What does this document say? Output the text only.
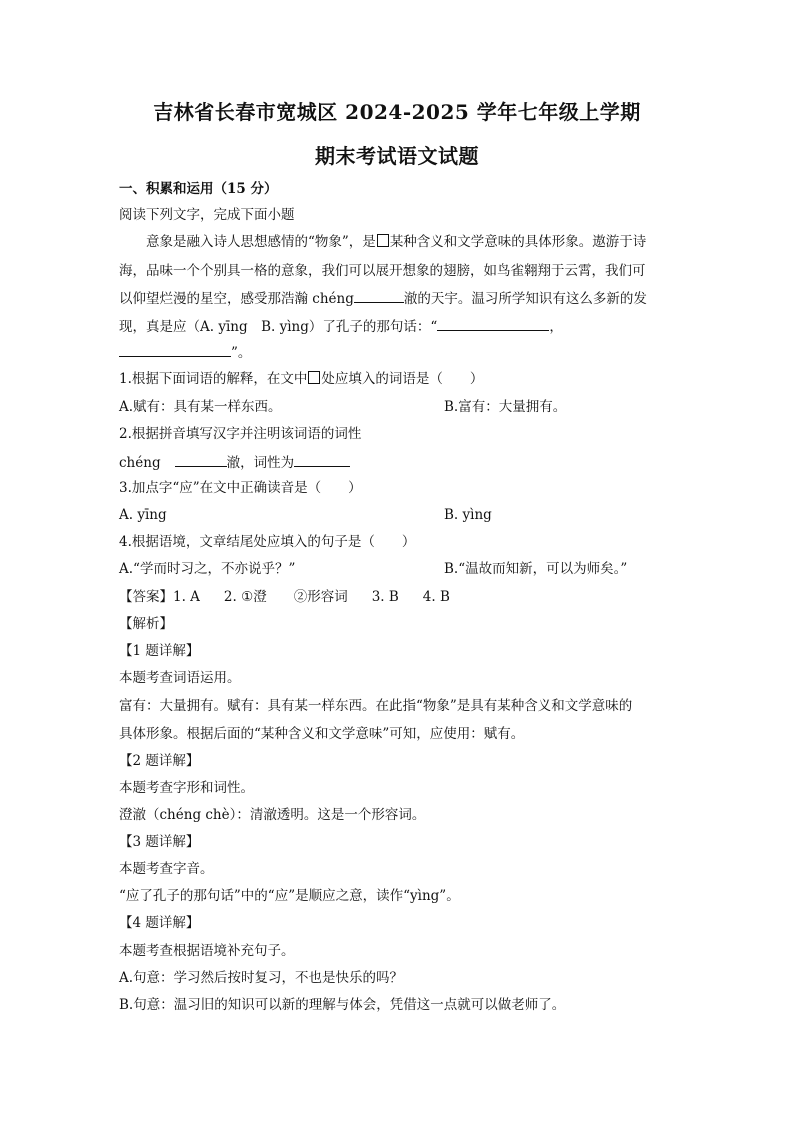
吉林省长春市宽城区 2024-2025 学年七年级上学期
期末考试语文试题
一、积累和运用（15 分）
阅读下列文字，完成下面小题
意象是融入诗人思想感情的“物象”，是 某种含义和文学意味的具体形象。遨游于诗
海，品味一个个别具一格的意象，我们可以展开想象的翅膀，如鸟雀翱翔于云霄，我们可
以仰望烂漫的星空，感受那浩瀚 chéng	澈的天宇。温习所学知识有这么多新的发
现，真是应（A. yīng　B. yìng）了孔子的那句话：“	，
”。
1.根据下面词语的解释，在文中 处应填入的词语是（　　）
A.赋有：具有某一样东西。	B.富有：大量拥有。
2.根据拼音填写汉字并注明该词语的词性
chéng	澈，词性为
3.加点字“应”在文中正确读音是（　　）
A. yīng	B. yìng
4.根据语境，文章结尾处应填入的句子是（　　）
A.“学而时习之，不亦说乎？”	B.“温故而知新，可以为师矣。”
【答案】1. A 2. ①澄　　②形容词 3. B 4. B
【解析】
【1 题详解】
本题考查词语运用。
富有：大量拥有。赋有：具有某一样东西。在此指“物象”是具有某种含义和文学意味的
具体形象。根据后面的“某种含义和文学意味”可知，应使用：赋有。
【2 题详解】
本题考查字形和词性。
澄澈（chéng chè）：清澈透明。这是一个形容词。
【3 题详解】
本题考查字音。
“应了孔子的那句话”中的“应”是顺应之意，读作“yìng”。
【4 题详解】
本题考查根据语境补充句子。
A.句意：学习然后按时复习，不也是快乐的吗？
B.句意：温习旧的知识可以新的理解与体会，凭借这一点就可以做老师了。
